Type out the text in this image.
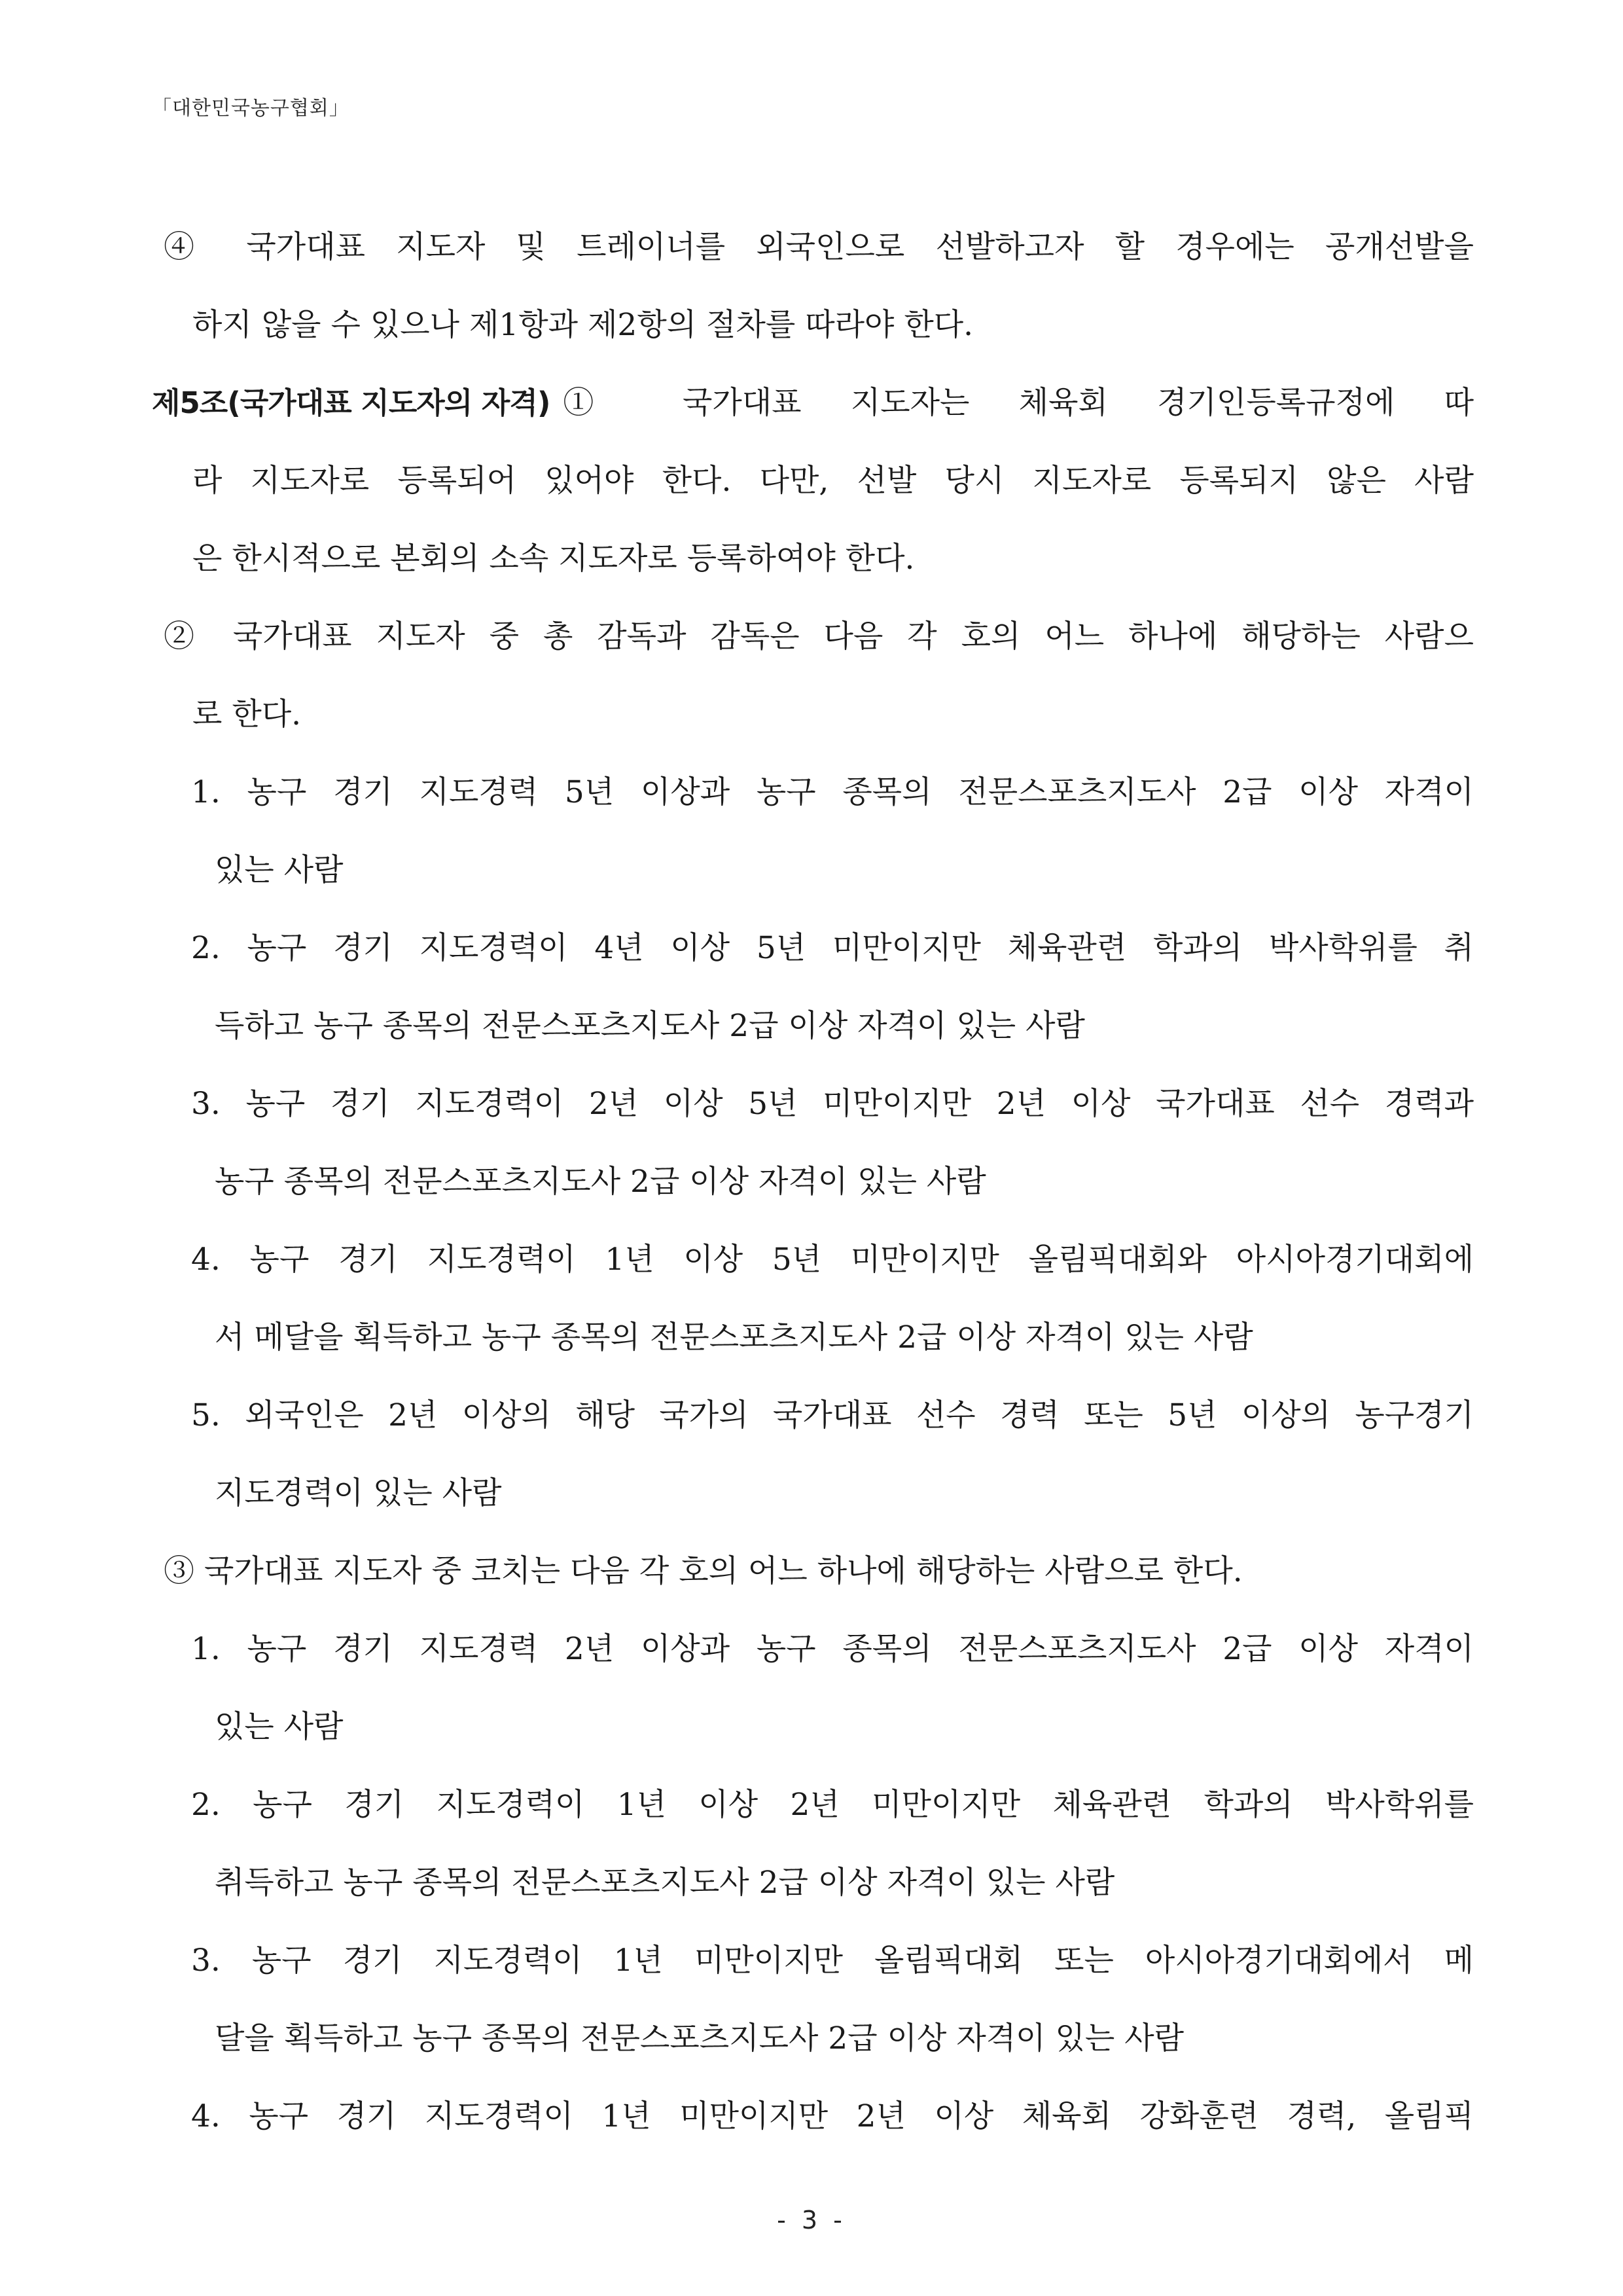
「대한민국농구협회」
④ 국가대표 지도자 및 트레이너를 외국인으로 선발하고자 할 경우에는 공개선발을
하지 않을 수 있으나 제1항과 제2항의 절차를 따라야 한다.
제5조(국가대표 지도자의 자격) ① 국가대표 지도자는 체육회 경기인등록규정에 따
라 지도자로 등록되어 있어야 한다. 다만, 선발 당시 지도자로 등록되지 않은 사람
은 한시적으로 본회의 소속 지도자로 등록하여야 한다.
② 국가대표 지도자 중 총 감독과 감독은 다음 각 호의 어느 하나에 해당하는 사람으
로 한다.
1. 농구 경기 지도경력 5년 이상과 농구 종목의 전문스포츠지도사 2급 이상 자격이
있는 사람
2. 농구 경기 지도경력이 4년 이상 5년 미만이지만 체육관련 학과의 박사학위를 취
득하고 농구 종목의 전문스포츠지도사 2급 이상 자격이 있는 사람
3. 농구 경기 지도경력이 2년 이상 5년 미만이지만 2년 이상 국가대표 선수 경력과
농구 종목의 전문스포츠지도사 2급 이상 자격이 있는 사람
4. 농구 경기 지도경력이 1년 이상 5년 미만이지만 올림픽대회와 아시아경기대회에
서 메달을 획득하고 농구 종목의 전문스포츠지도사 2급 이상 자격이 있는 사람
5. 외국인은 2년 이상의 해당 국가의 국가대표 선수 경력 또는 5년 이상의 농구경기
지도경력이 있는 사람
③ 국가대표 지도자 중 코치는 다음 각 호의 어느 하나에 해당하는 사람으로 한다.
1. 농구 경기 지도경력 2년 이상과 농구 종목의 전문스포츠지도사 2급 이상 자격이
있는 사람
2. 농구 경기 지도경력이 1년 이상 2년 미만이지만 체육관련 학과의 박사학위를
취득하고 농구 종목의 전문스포츠지도사 2급 이상 자격이 있는 사람
3. 농구 경기 지도경력이 1년 미만이지만 올림픽대회 또는 아시아경기대회에서 메
달을 획득하고 농구 종목의 전문스포츠지도사 2급 이상 자격이 있는 사람
4. 농구 경기 지도경력이 1년 미만이지만 2년 이상 체육회 강화훈련 경력, 올림픽
- 3 -
